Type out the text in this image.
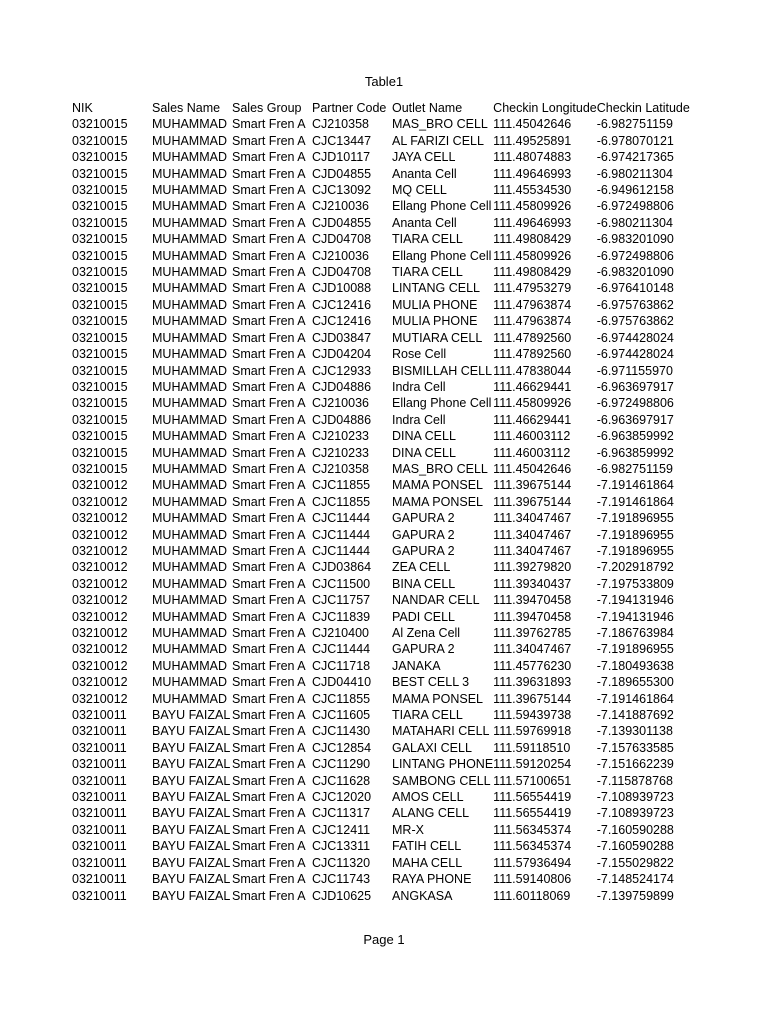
Table1
NIK	Sales Name	Sales Group	Partner Code	Outlet Name	Checkin Longitude	Checkin Latitude
03210015	MUHAMMAD	Smart Fren A	CJ210358	MAS_BRO CELL	111.45042646	-6.982751159
03210015	MUHAMMAD	Smart Fren A	CJC13447	AL FARIZI CELL	111.49525891	-6.978070121
03210015	MUHAMMAD	Smart Fren A	CJD10117	JAYA CELL	111.48074883	-6.974217365
03210015	MUHAMMAD	Smart Fren A	CJD04855	Ananta Cell	111.49646993	-6.980211304
03210015	MUHAMMAD	Smart Fren A	CJC13092	MQ CELL	111.45534530	-6.949612158
03210015	MUHAMMAD	Smart Fren A	CJ210036	Ellang Phone Cell	111.45809926	-6.972498806
03210015	MUHAMMAD	Smart Fren A	CJD04855	Ananta Cell	111.49646993	-6.980211304
03210015	MUHAMMAD	Smart Fren A	CJD04708	TIARA CELL	111.49808429	-6.983201090
03210015	MUHAMMAD	Smart Fren A	CJ210036	Ellang Phone Cell	111.45809926	-6.972498806
03210015	MUHAMMAD	Smart Fren A	CJD04708	TIARA CELL	111.49808429	-6.983201090
03210015	MUHAMMAD	Smart Fren A	CJD10088	LINTANG CELL	111.47953279	-6.976410148
03210015	MUHAMMAD	Smart Fren A	CJC12416	MULIA PHONE	111.47963874	-6.975763862
03210015	MUHAMMAD	Smart Fren A	CJC12416	MULIA PHONE	111.47963874	-6.975763862
03210015	MUHAMMAD	Smart Fren A	CJD03847	MUTIARA CELL	111.47892560	-6.974428024
03210015	MUHAMMAD	Smart Fren A	CJD04204	Rose Cell	111.47892560	-6.974428024
03210015	MUHAMMAD	Smart Fren A	CJC12933	BISMILLAH CELL	111.47838044	-6.971155970
03210015	MUHAMMAD	Smart Fren A	CJD04886	Indra Cell	111.46629441	-6.963697917
03210015	MUHAMMAD	Smart Fren A	CJ210036	Ellang Phone Cell	111.45809926	-6.972498806
03210015	MUHAMMAD	Smart Fren A	CJD04886	Indra Cell	111.46629441	-6.963697917
03210015	MUHAMMAD	Smart Fren A	CJ210233	DINA CELL	111.46003112	-6.963859992
03210015	MUHAMMAD	Smart Fren A	CJ210233	DINA CELL	111.46003112	-6.963859992
03210015	MUHAMMAD	Smart Fren A	CJ210358	MAS_BRO CELL	111.45042646	-6.982751159
03210012	MUHAMMAD	Smart Fren A	CJC11855	MAMA PONSEL	111.39675144	-7.191461864
03210012	MUHAMMAD	Smart Fren A	CJC11855	MAMA PONSEL	111.39675144	-7.191461864
03210012	MUHAMMAD	Smart Fren A	CJC11444	GAPURA 2	111.34047467	-7.191896955
03210012	MUHAMMAD	Smart Fren A	CJC11444	GAPURA 2	111.34047467	-7.191896955
03210012	MUHAMMAD	Smart Fren A	CJC11444	GAPURA 2	111.34047467	-7.191896955
03210012	MUHAMMAD	Smart Fren A	CJD03864	ZEA CELL	111.39279820	-7.202918792
03210012	MUHAMMAD	Smart Fren A	CJC11500	BINA CELL	111.39340437	-7.197533809
03210012	MUHAMMAD	Smart Fren A	CJC11757	NANDAR CELL	111.39470458	-7.194131946
03210012	MUHAMMAD	Smart Fren A	CJC11839	PADI CELL	111.39470458	-7.194131946
03210012	MUHAMMAD	Smart Fren A	CJ210400	Al Zena Cell	111.39762785	-7.186763984
03210012	MUHAMMAD	Smart Fren A	CJC11444	GAPURA 2	111.34047467	-7.191896955
03210012	MUHAMMAD	Smart Fren A	CJC11718	JANAKA	111.45776230	-7.180493638
03210012	MUHAMMAD	Smart Fren A	CJD04410	BEST CELL 3	111.39631893	-7.189655300
03210012	MUHAMMAD	Smart Fren A	CJC11855	MAMA PONSEL	111.39675144	-7.191461864
03210011	BAYU FAIZAL	Smart Fren A	CJC11605	TIARA CELL	111.59439738	-7.141887692
03210011	BAYU FAIZAL	Smart Fren A	CJC11430	MATAHARI CELL	111.59769918	-7.139301138
03210011	BAYU FAIZAL	Smart Fren A	CJC12854	GALAXI CELL	111.59118510	-7.157633585
03210011	BAYU FAIZAL	Smart Fren A	CJC11290	LINTANG PHONE	111.59120254	-7.151662239
03210011	BAYU FAIZAL	Smart Fren A	CJC11628	SAMBONG CELL	111.57100651	-7.115878768
03210011	BAYU FAIZAL	Smart Fren A	CJC12020	AMOS CELL	111.56554419	-7.108939723
03210011	BAYU FAIZAL	Smart Fren A	CJC11317	ALANG CELL	111.56554419	-7.108939723
03210011	BAYU FAIZAL	Smart Fren A	CJC12411	MR-X	111.56345374	-7.160590288
03210011	BAYU FAIZAL	Smart Fren A	CJC13311	FATIH CELL	111.56345374	-7.160590288
03210011	BAYU FAIZAL	Smart Fren A	CJC11320	MAHA CELL	111.57936494	-7.155029822
03210011	BAYU FAIZAL	Smart Fren A	CJC11743	RAYA PHONE	111.59140806	-7.148524174
03210011	BAYU FAIZAL	Smart Fren A	CJD10625	ANGKASA	111.60118069	-7.139759899
Page 1
